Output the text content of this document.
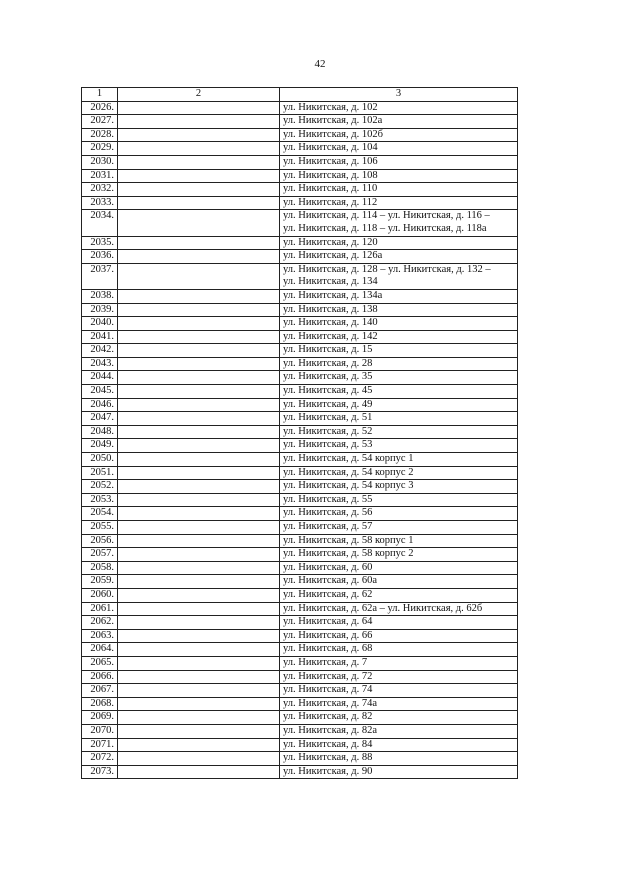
42
1	2	3
2026.		ул. Никитская, д. 102

2027.		ул. Никитская, д. 102а

2028.		ул. Никитская, д. 102б

2029.		ул. Никитская, д. 104

2030.		ул. Никитская, д. 106

2031.		ул. Никитская, д. 108

2032.		ул. Никитская, д. 110

2033.		ул. Никитская, д. 112

2034.		ул. Никитская, д. 114 – ул. Никитская, д. 116 –
ул. Никитская, д. 118 – ул. Никитская, д. 118а

2035.		ул. Никитская, д. 120

2036.		ул. Никитская, д. 126а

2037.		ул. Никитская, д. 128 – ул. Никитская, д. 132 –
ул. Никитская, д. 134

2038.		ул. Никитская, д. 134а

2039.		ул. Никитская, д. 138

2040.		ул. Никитская, д. 140

2041.		ул. Никитская, д. 142

2042.		ул. Никитская, д. 15

2043.		ул. Никитская, д. 28

2044.		ул. Никитская, д. 35

2045.		ул. Никитская, д. 45

2046.		ул. Никитская, д. 49

2047.		ул. Никитская, д. 51

2048.		ул. Никитская, д. 52

2049.		ул. Никитская, д. 53

2050.		ул. Никитская, д. 54 корпус 1

2051.		ул. Никитская, д. 54 корпус 2

2052.		ул. Никитская, д. 54 корпус 3

2053.		ул. Никитская, д. 55

2054.		ул. Никитская, д. 56

2055.		ул. Никитская, д. 57

2056.		ул. Никитская, д. 58 корпус 1

2057.		ул. Никитская, д. 58 корпус 2

2058.		ул. Никитская, д. 60

2059.		ул. Никитская, д. 60а

2060.		ул. Никитская, д. 62

2061.		ул. Никитская, д. 62а – ул. Никитская, д. 62б

2062.		ул. Никитская, д. 64

2063.		ул. Никитская, д. 66

2064.		ул. Никитская, д. 68

2065.		ул. Никитская, д. 7

2066.		ул. Никитская, д. 72

2067.		ул. Никитская, д. 74

2068.		ул. Никитская, д. 74а

2069.		ул. Никитская, д. 82

2070.		ул. Никитская, д. 82а

2071.		ул. Никитская, д. 84

2072.		ул. Никитская, д. 88

2073.		ул. Никитская, д. 90
